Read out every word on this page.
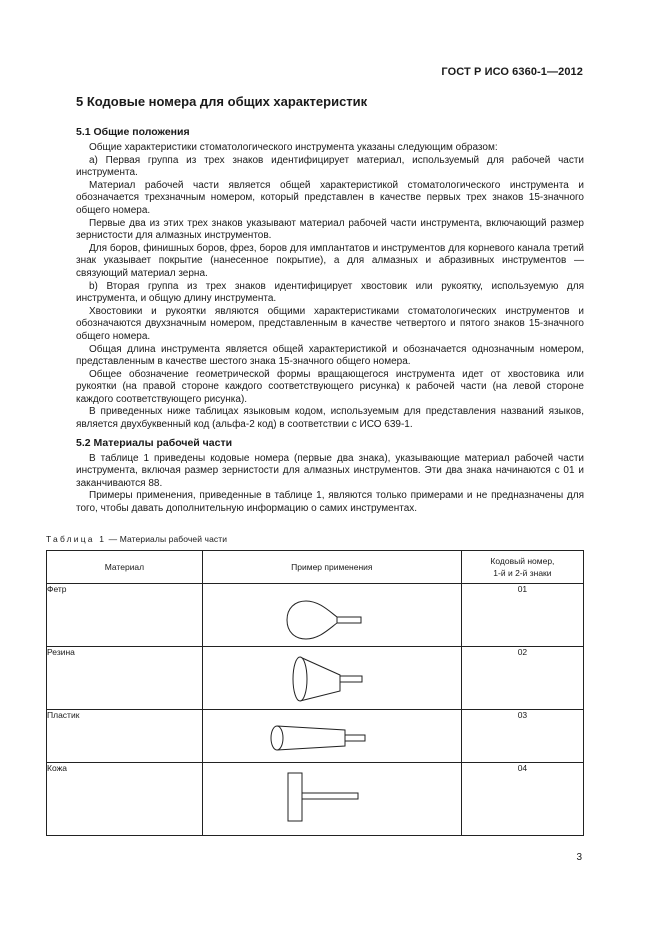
ГОСТ Р ИСО 6360-1—2012
5 Кодовые номера для общих характеристик
5.1 Общие положения

Общие характеристики стоматологического инструмента указаны следующим образом:

a) Первая группа из трех знаков идентифицирует материал, используемый для рабочей части инструмента.

Материал рабочей части является общей характеристикой стоматологического инструмента и обозначается трехзначным номером, который представлен в качестве первых трех знаков 15-значного общего номера.

Первые два из этих трех знаков указывают материал рабочей части инструмента, включающий размер зернистости для алмазных инструментов.

Для боров, финишных боров, фрез, боров для имплантатов и инструментов для корневого канала третий знак указывает покрытие (нанесенное покрытие), а для алмазных и абразивных инструментов — связующий материал зерна.

b) Вторая группа из трех знаков идентифицирует хвостовик или рукоятку, используемую для инструмента, и общую длину инструмента.

Хвостовики и рукоятки являются общими характеристиками стоматологических инструментов и обозначаются двухзначным номером, представленным в качестве четвертого и пятого знаков 15-значного общего номера.

Общая длина инструмента является общей характеристикой и обозначается однозначным номером, представленным в качестве шестого знака 15-значного общего номера.

Общее обозначение геометрической формы вращающегося инструмента идет от хвостовика или рукоятки (на правой стороне каждого соответствующего рисунка) к рабочей части (на левой стороне каждого соответствующего рисунка).

В приведенных ниже таблицах языковым кодом, используемым для представления названий языков, является двухбуквенный код (альфа-2 код) в соответствии с ИСО 639-1.

5.2 Материалы рабочей части

В таблице 1 приведены кодовые номера (первые два знака), указывающие материал рабочей части инструмента, включая размер зернистости для алмазных инструментов. Эти два знака начинаются с 01 и заканчиваются 88.

Примеры применения, приведенные в таблице 1, являются только примерами и не предназначены для того, чтобы давать дополнительную информацию о самих инструментах.

Таблица 1 — Материалы рабочей части
Материал	Пример применения	Кодовый номер,
1-й и 2-й знаки
Фетр		01
Резина		02
Пластик		03
Кожа		04
3
